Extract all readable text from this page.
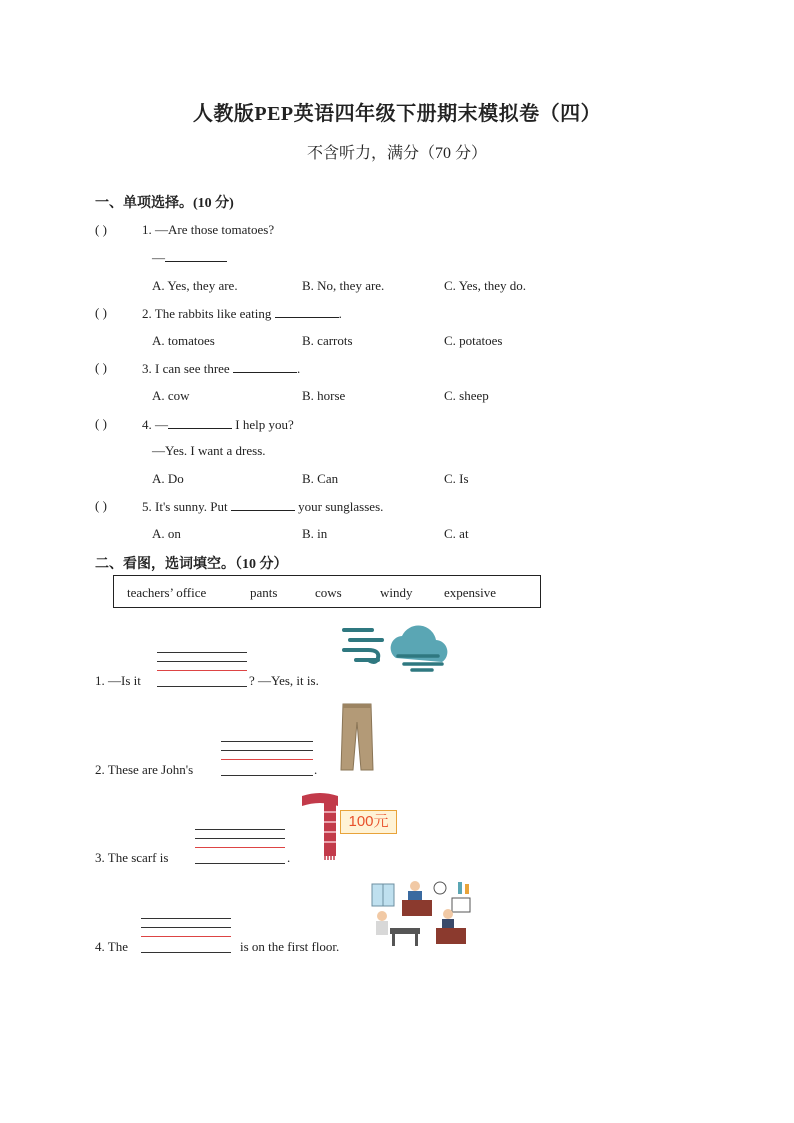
人教版PEP英语四年级下册期末模拟卷（四）
不含听力，满分（70 分）
一、单项选择。(10 分)
( )	1. —Are those tomatoes?
—
A. Yes, they are.	B. No, they are.	C. Yes, they do.
( )	2. The rabbits like eating	.
A. tomatoes	B. carrots	C. potatoes
( )	3. I can see three	.
A. cow	B. horse	C. sheep
( )	4. —	I help you?
—Yes. I want a dress.
A. Do	B. Can	C. Is
( )	5. It's sunny. Put	your sunglasses.
A. on	B. in	C. at
二、看图，选词填空。（10 分）
teachers’ office	pants	cows	windy expensive
1. —Is it	? —Yes, it is.
2. These are John's	.
3. The scarf is	.
100元
4. The	is on the first floor.
